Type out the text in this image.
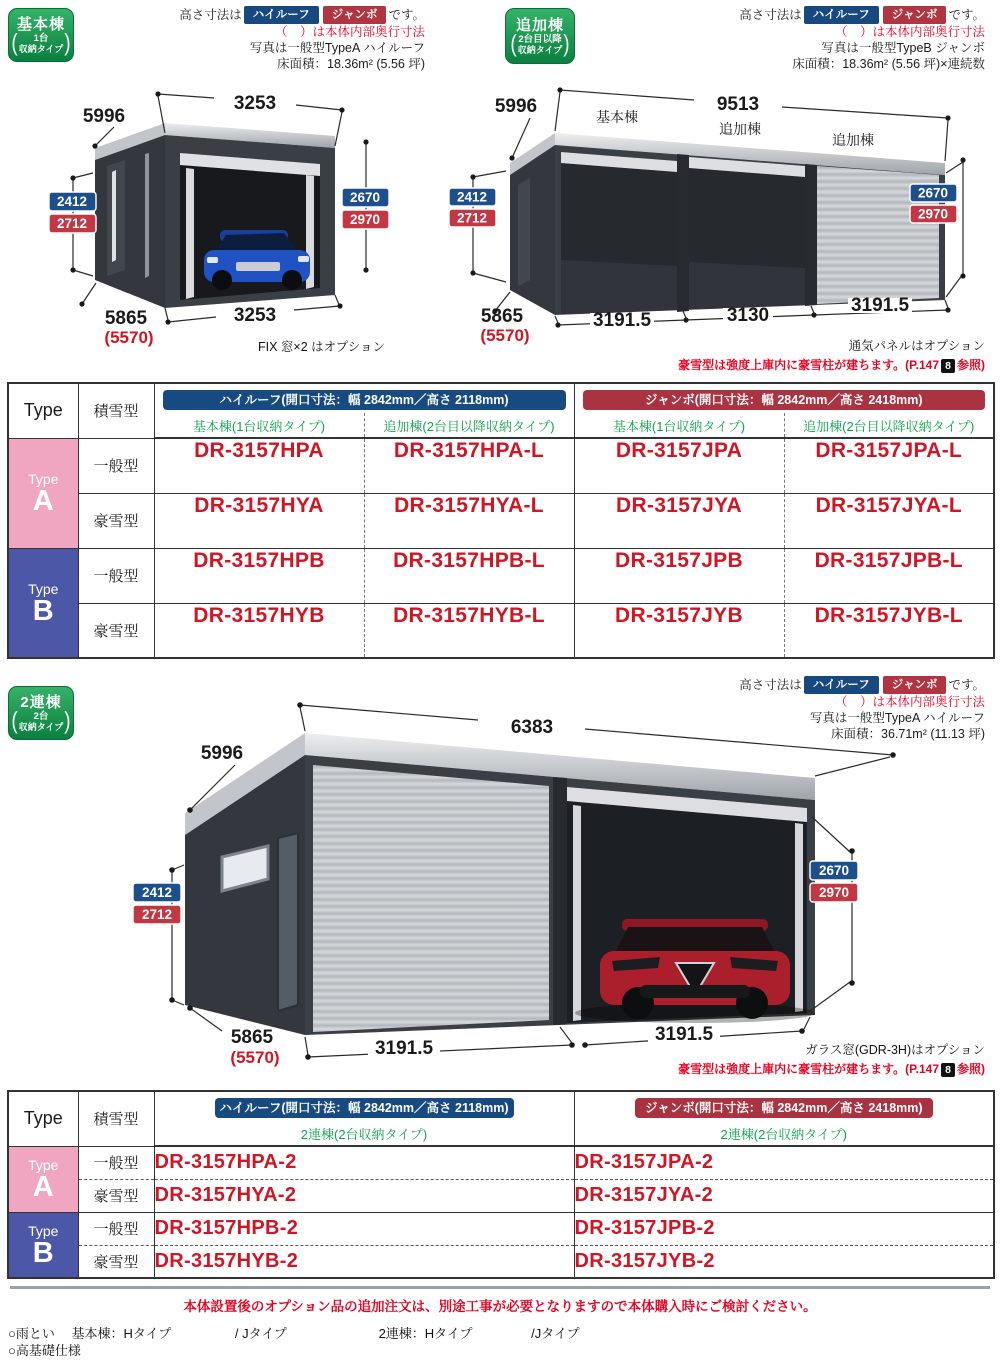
基本棟
(	1台
収納タイプ )
高さ寸法は ハイルーフ ジャンボ です。
（　）は本体内部奥行寸法
写真は一般型TypeA ハイルーフ
床面積：18.36m² (5.56 坪)
3253
5996
2412
2712
2670
2970
5865
(5570)
3253
FIX 窓×2 はオプション
追加棟
( 2台目以降
収納タイプ )
高さ寸法は ハイルーフ ジャンボ です。
（　）は本体内部奥行寸法
写真は一般型TypeB ジャンボ
床面積：18.36m² (5.56 坪)×連続数
基本棟
追加棟
追加棟
9513
5996
2412
2712
2670
2970
3191.5	3130	3191.5
5865
(5570)
通気パネルはオプション
豪雪型は強度上庫内に豪雪柱が建ちます。(P.147 8 参照)
Type	積雪型	ハイルーフ(開口寸法：幅 2842mm／高さ 2118mm)		ジャンボ(開口寸法：幅 2842mm／高さ 2418mm)	

		基本棟(1台収納タイプ)	追加棟(2台目以降収納タイプ)	基本棟(1台収納タイプ)	追加棟(2台目以降収納タイプ)

Type
A	一般型	DR-3157HPA	DR-3157HPA-L	DR-3157JPA	DR-3157JPA-L
	豪雪型	DR-3157HYA	DR-3157HYA-L	DR-3157JYA	DR-3157JYA-L

Type
B	一般型	DR-3157HPB	DR-3157HPB-L	DR-3157JPB	DR-3157JPB-L
	豪雪型	DR-3157HYB	DR-3157HYB-L	DR-3157JYB	DR-3157JYB-L
2連棟
(	2台
収納タイプ )
高さ寸法は ハイルーフ ジャンボ です。
（　）は本体内部奥行寸法
写真は一般型TypeA ハイルーフ
床面積：36.71m² (11.13 坪)
6383
5996
2412
2712
2670
2970
5865
(5570)	3191.5
3191.5
ガラス窓(GDR-3H)はオプション
豪雪型は強度上庫内に豪雪柱が建ちます。(P.147 8 参照)
Type	積雪型	ハイルーフ(開口寸法：幅 2842mm／高さ 2118mm)	ジャンボ(開口寸法：幅 2842mm／高さ 2418mm)

		2連棟(2台収納タイプ)	2連棟(2台収納タイプ)

Type
A	一般型	DR-3157HPA-2	DR-3157JPA-2
	豪雪型	DR-3157HYA-2	DR-3157JYA-2

Type
B	一般型	DR-3157HPB-2	DR-3157JPB-2
	豪雪型	DR-3157HYB-2	DR-3157JYB-2
本体設置後のオプション品の追加注文は、別途工事が必要となりますので本体購入時にご検討ください。
○雨とい 基本棟：Hタイプ	/ Jタイプ	2連棟：Hタイプ	/Jタイプ
○高基礎仕様
